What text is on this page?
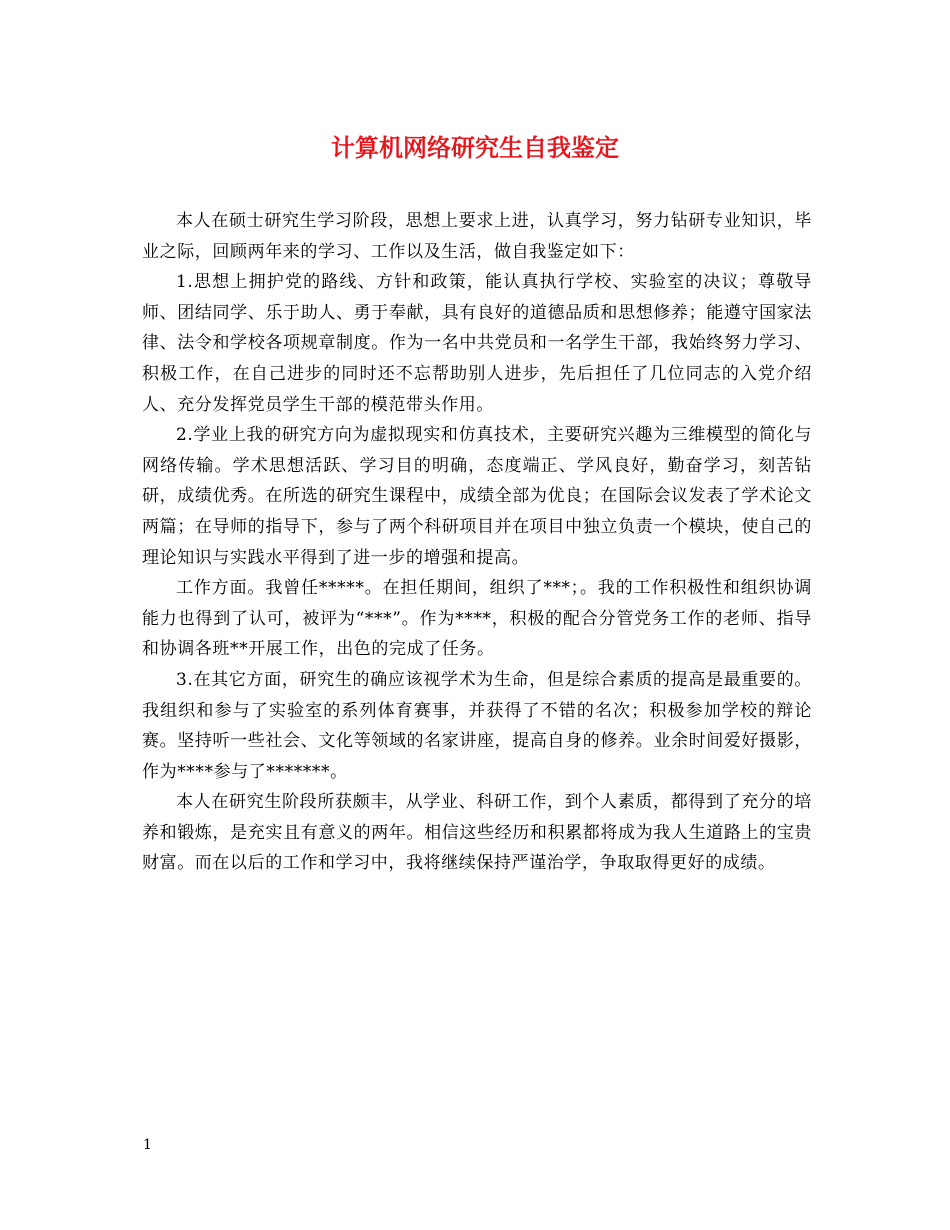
计算机网络研究生自我鉴定

本人在硕士研究生学习阶段，思想上要求上进，认真学习，努力钻研专业知识，毕业之际，回顾两年来的学习、工作以及生活，做自我鉴定如下：

1.思想上拥护党的路线、方针和政策，能认真执行学校、实验室的决议；尊敬导师、团结同学、乐于助人、勇于奉献，具有良好的道德品质和思想修养；能遵守国家法律、法令和学校各项规章制度。作为一名中共党员和一名学生干部，我始终努力学习、积极工作，在自己进步的同时还不忘帮助别人进步，先后担任了几位同志的入党介绍人、充分发挥党员学生干部的模范带头作用。

2.学业上我的研究方向为虚拟现实和仿真技术，主要研究兴趣为三维模型的简化与网络传输。学术思想活跃、学习目的明确，态度端正、学风良好，勤奋学习，刻苦钻研，成绩优秀。在所选的研究生课程中，成绩全部为优良；在国际会议发表了学术论文两篇；在导师的指导下，参与了两个科研项目并在项目中独立负责一个模块，使自己的理论知识与实践水平得到了进一步的增强和提高。

工作方面。我曾任*****。在担任期间，组织了***；。我的工作积极性和组织协调能力也得到了认可，被评为“***”。作为****，积极的配合分管党务工作的老师、指导和协调各班**开展工作，出色的完成了任务。

3.在其它方面，研究生的确应该视学术为生命，但是综合素质的提高是最重要的。我组织和参与了实验室的系列体育赛事，并获得了不错的名次；积极参加学校的辩论赛。坚持听一些社会、文化等领域的名家讲座，提高自身的修养。业余时间爱好摄影，作为****参与了*******。

本人在研究生阶段所获颇丰，从学业、科研工作，到个人素质，都得到了充分的培养和锻炼，是充实且有意义的两年。相信这些经历和积累都将成为我人生道路上的宝贵财富。而在以后的工作和学习中，我将继续保持严谨治学，争取取得更好的成绩。

1
